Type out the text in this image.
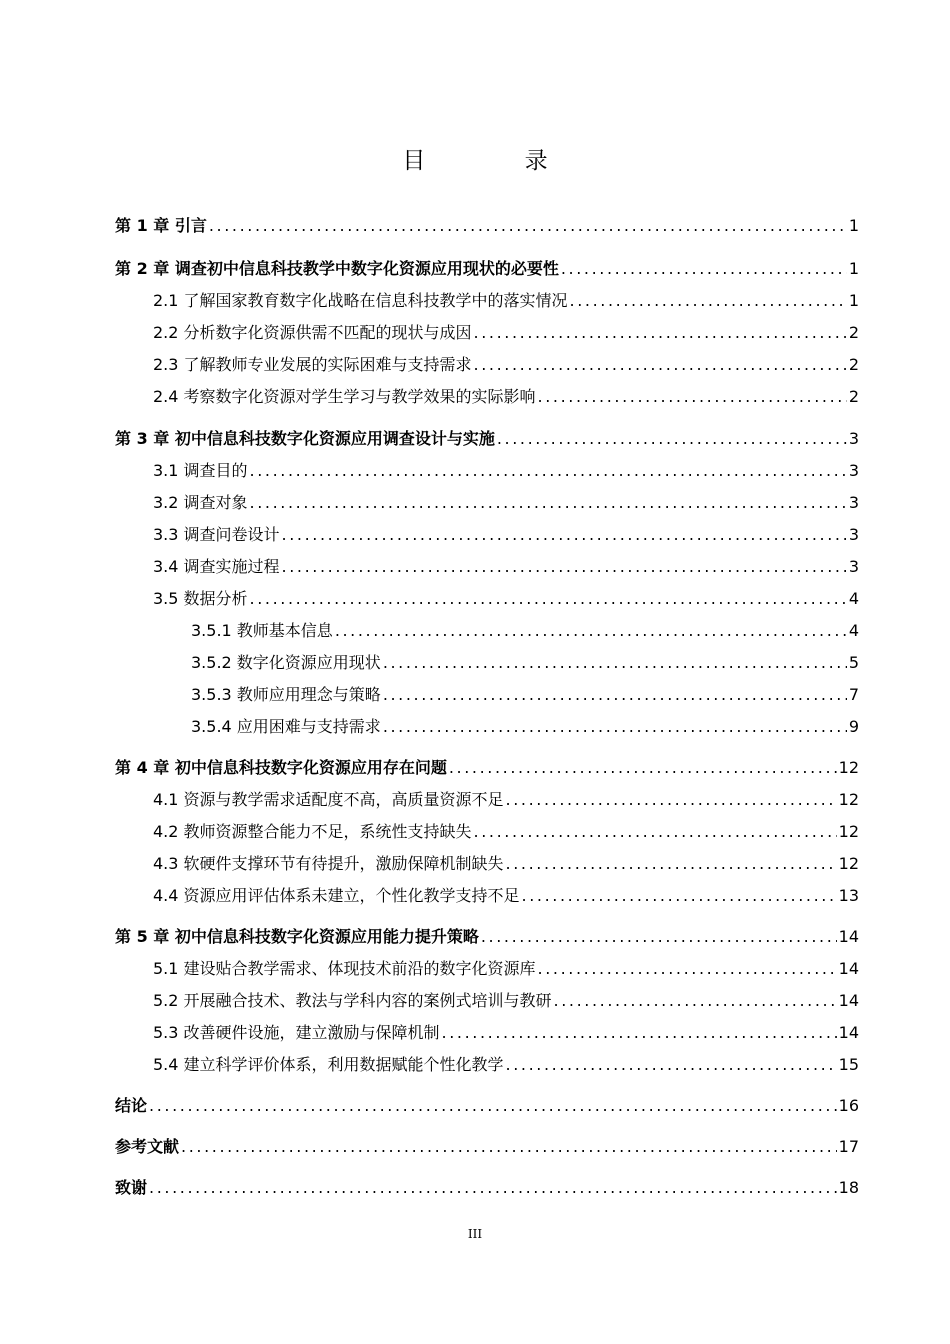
目 录
第 1 章 引言 .....	1
第 2 章 调查初中信息科技教学中数字化资源应用现状的必要性 .....	1
2.1 了解国家教育数字化战略在信息科技教学中的落实情况 .....	1
2.2 分析数字化资源供需不匹配的现状与成因 .....	2
2.3 了解教师专业发展的实际困难与支持需求 .....	2
2.4 考察数字化资源对学生学习与教学效果的实际影响 .....	2
第 3 章 初中信息科技数字化资源应用调查设计与实施 .....	3
3.1 调查目的 .....	3
3.2 调查对象 .....	3
3.3 调查问卷设计 .....	3
3.4 调查实施过程 .....	3
3.5 数据分析 .....	4
3.5.1 教师基本信息 .....	4
3.5.2 数字化资源应用现状 .....	5
3.5.3 教师应用理念与策略 .....	7
3.5.4 应用困难与支持需求 .....	9
第 4 章 初中信息科技数字化资源应用存在问题 .....	12
4.1 资源与教学需求适配度不高，高质量资源不足 .....	12
4.2 教师资源整合能力不足，系统性支持缺失 .....	12
4.3 软硬件支撑环节有待提升，激励保障机制缺失 .....	12
4.4 资源应用评估体系未建立，个性化教学支持不足 .....	13
第 5 章 初中信息科技数字化资源应用能力提升策略 .....	14
5.1 建设贴合教学需求、体现技术前沿的数字化资源库 .....	14
5.2 开展融合技术、教法与学科内容的案例式培训与教研 .....	14
5.3 改善硬件设施，建立激励与保障机制 .....	14
5.4 建立科学评价体系，利用数据赋能个性化教学 .....	15
结论 .....	16
参考文献 .....	17
致谢 .....	18
III
